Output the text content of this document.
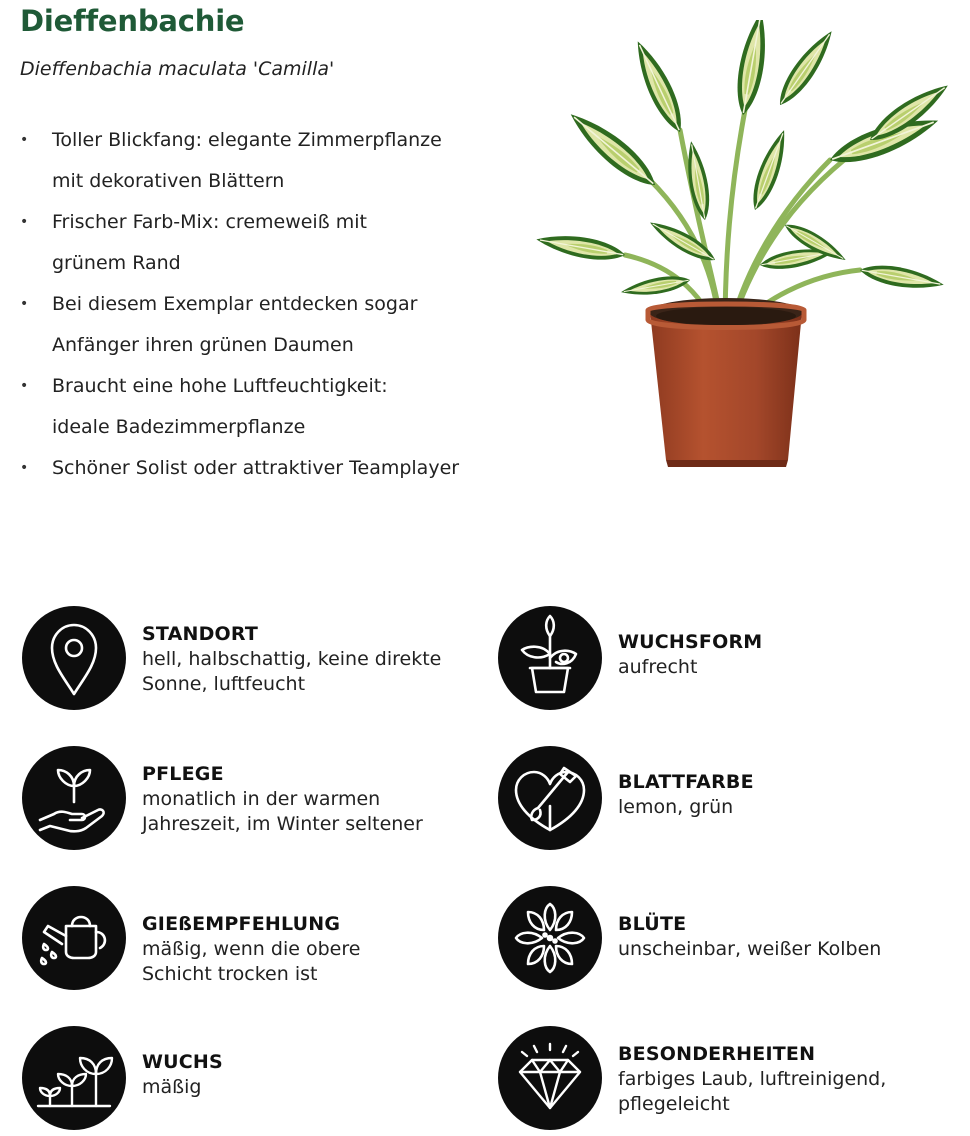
Dieffenbachie

Dieffenbachia maculata 'Camilla'

• Toller Blickfang: elegante Zimmerpflanze
mit dekorativen Blättern
• Frischer Farb-Mix: cremeweiß mit
grünem Rand
• Bei diesem Exemplar entdecken sogar
Anfänger ihren grünen Daumen
• Braucht eine hohe Luftfeuchtigkeit:
ideale Badezimmerpflanze
• Schöner Solist oder attraktiver Teamplayer
STANDORT
hell, halbschattig, keine direkte
Sonne, luftfeucht
WUCHSFORM
aufrecht
PFLEGE
monatlich in der warmen
Jahreszeit, im Winter seltener
BLATTFARBE
lemon, grün
GIEßEMPFEHLUNG
mäßig, wenn die obere
Schicht trocken ist
BLÜTE
unscheinbar, weißer Kolben
WUCHS
mäßig
BESONDERHEITEN
farbiges Laub, luftreinigend,
pflegeleicht
